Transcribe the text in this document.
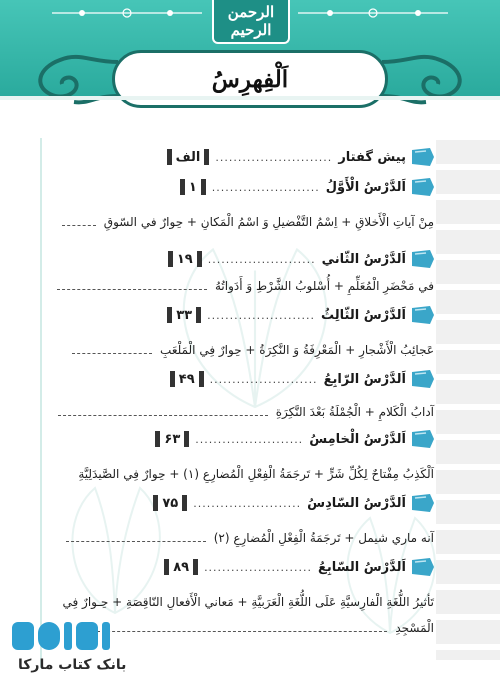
الرحمن
الرحیم
اَلْفِهرِسُ
پيش گفتار
..........................
الف
اَلدَّرْسُ الْأَوَّلُ
........................
۱
مِنْ آياتِ الْأَخلاقِ + اِسْمُ التَّفْضيلِ وَ اسْمُ الْمَكانِ + حِوارٌ في السّوقِ
اَلدَّرْسُ الثّاني
........................
۱۹
في مَحْضَرِ الْمُعَلِّمِ + أُسْلوبُ الشَّرْطِ وَ أَدَواتُهُ
اَلدَّرْسُ الثّالِثُ
........................
۳۳
عَجائِبُ الْأَشْجارِ + الْمَعْرِفَةُ وَ النَّكِرَةُ + حِوارٌ فِي الْمَلْعَبِ
اَلدَّرْسُ الرّابِعُ
........................
۴۹
آدابُ الْكَلامِ + الْجُمْلَةُ بَعْدَ النَّكِرَةِ
اَلدَّرْسُ الْخامِسُ
........................
۶۳
اَلْكَذِبُ مِفْتاحٌ لِكُلِّ شَرٍّ + تَرجَمَةُ الْفِعْلِ الْمُضارِعِ (۱) + حِوارٌ فِي الصَّيدَلِيَّةِ
اَلدَّرْسُ السّادِسُ
........................
۷۵
آنه ماري شيمل + تَرجَمَةُ الْفِعْلِ الْمُضارِعِ (۲)
اَلدَّرْسُ السّابِعُ
........................
۸۹
تَأثيرُ اللُّغَةِ الْفارِسيَّةِ عَلَى اللُّغَةِ الْعَرَبيَّةِ + مَعاني الْأَفعالِ النّاقِصَةِ + حِـوارٌ فِي
الْمَسْجِدِ
بانک کتاب مارکا
